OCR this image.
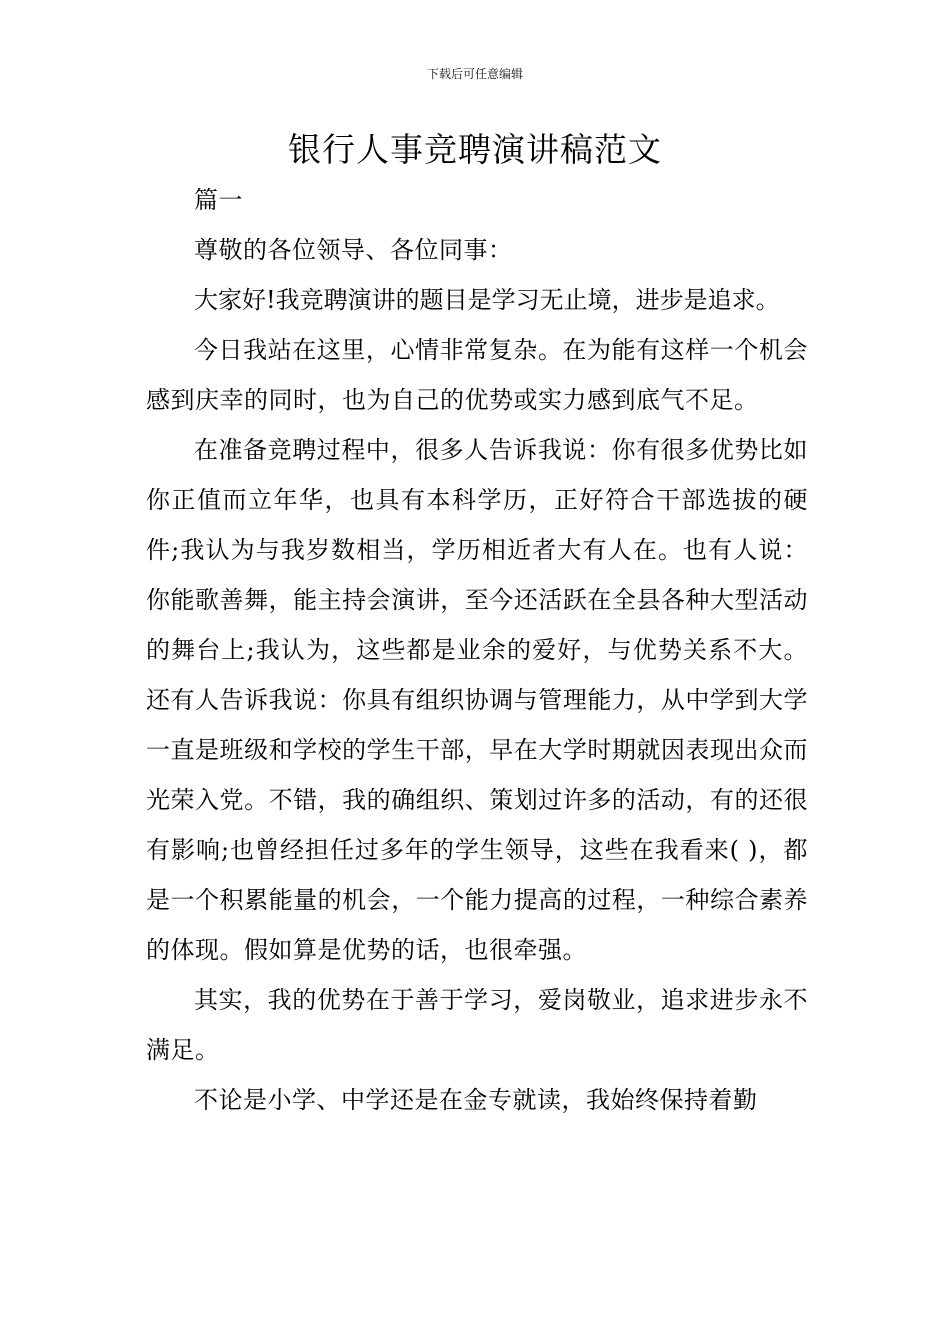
下载后可任意编辑
银行人事竞聘演讲稿范文

篇一

尊敬的各位领导、各位同事：

大家好!我竞聘演讲的题目是学习无止境，进步是追求。

今日我站在这里，心情非常复杂。在为能有这样一个机会感到庆幸的同时，也为自己的优势或实力感到底气不足。

在准备竞聘过程中，很多人告诉我说：你有很多优势比如你正值而立年华，也具有本科学历，正好符合干部选拔的硬件;我认为与我岁数相当，学历相近者大有人在。也有人说：你能歌善舞，能主持会演讲，至今还活跃在全县各种大型活动的舞台上;我认为，这些都是业余的爱好，与优势关系不大。还有人告诉我说：你具有组织协调与管理能力，从中学到大学一直是班级和学校的学生干部，早在大学时期就因表现出众而光荣入党。不错，我的确组织、策划过许多的活动，有的还很有影响;也曾经担任过多年的学生领导，这些在我看来( )，都是一个积累能量的机会，一个能力提高的过程，一种综合素养的体现。假如算是优势的话，也很牵强。

其实，我的优势在于善于学习，爱岗敬业，追求进步永不满足。

不论是小学、中学还是在金专就读，我始终保持着勤
